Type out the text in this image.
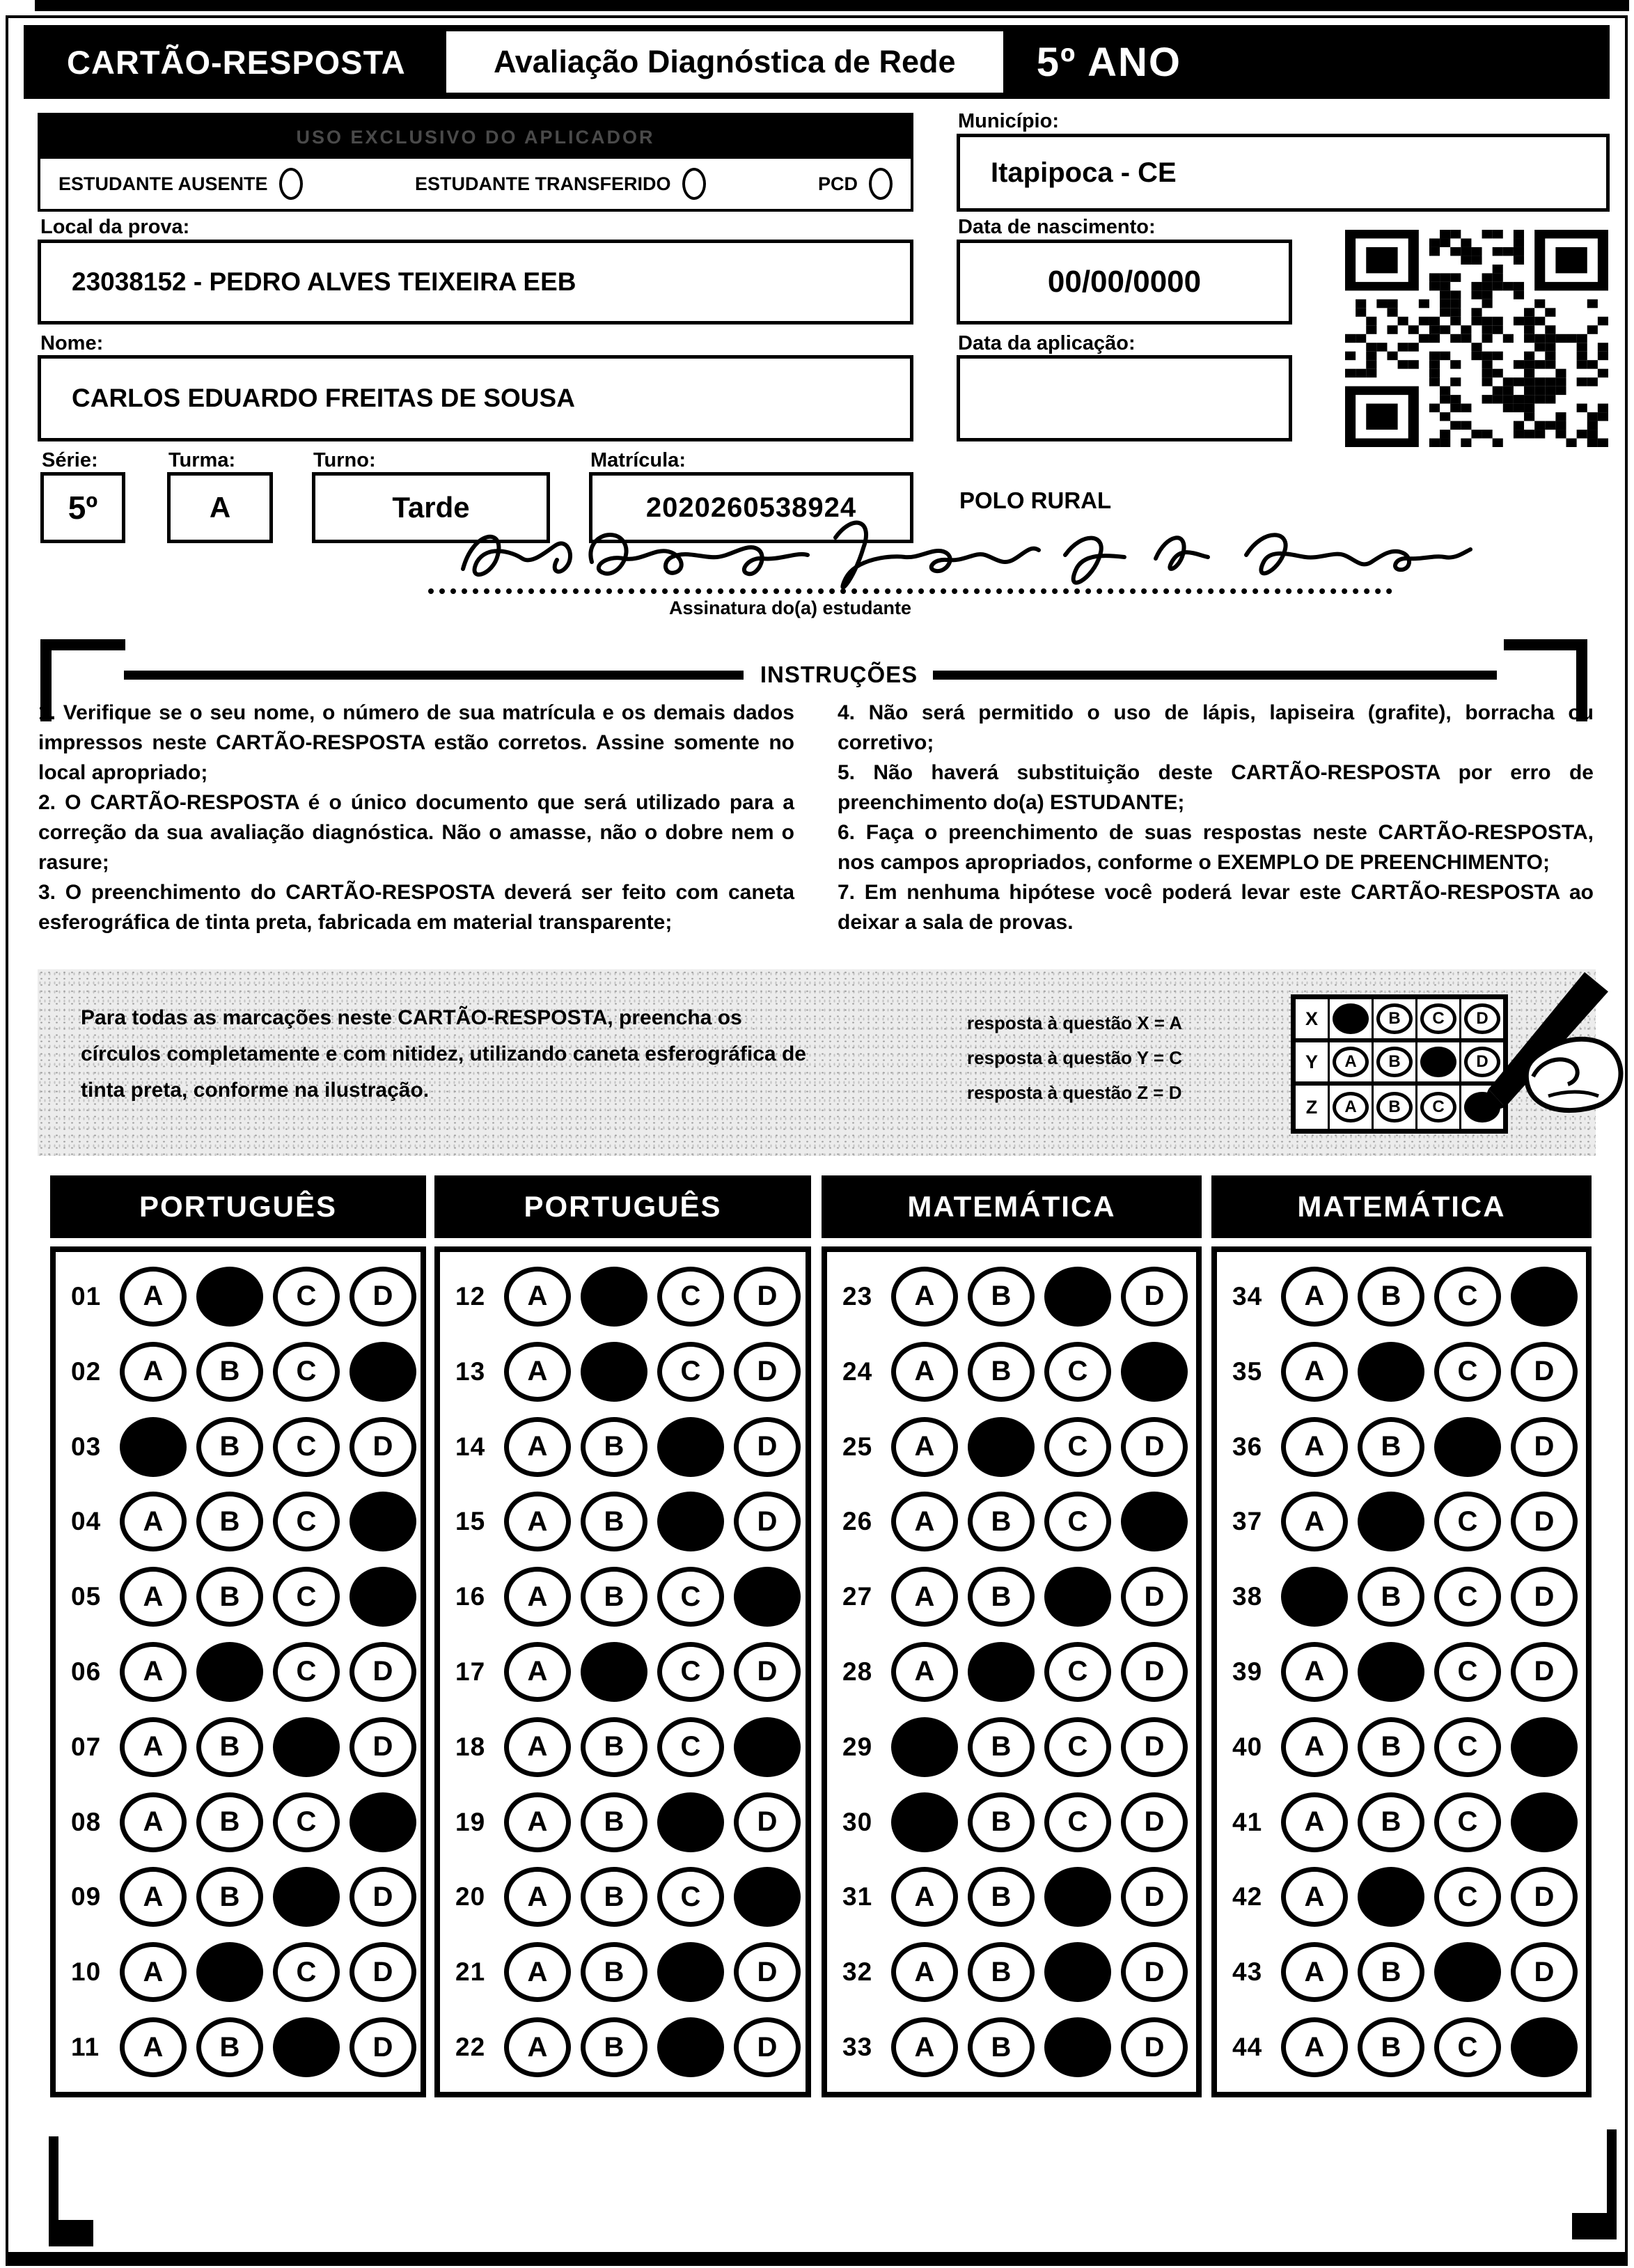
CARTÃO-RESPOSTA	Avaliação Diagnóstica de Rede	5º ANO
USO EXCLUSIVO DO APLICADOR
ESTUDANTE AUSENTE	ESTUDANTE TRANSFERIDO	PCD
Município:
Itapipoca - CE
Local da prova:
23038152 - PEDRO ALVES TEIXEIRA EEB
Data de nascimento:
00/00/0000
Nome:
CARLOS EDUARDO FREITAS DE SOUSA
Data da aplicação:
Série:
5º
Turma:
A
Turno:
Tarde
Matrícula:
2020260538924	POLO RURAL
Assinatura do(a) estudante
INSTRUÇÕES

1. Verifique se o seu nome, o número de sua matrícula e os demais dados impressos neste CARTÃO-RESPOSTA estão corretos. Assine somente no local apropriado;

2. O CARTÃO-RESPOSTA é o único documento que será utilizado para a correção da sua avaliação diagnóstica. Não o amasse, não o dobre nem o rasure;

3. O preenchimento do CARTÃO-RESPOSTA deverá ser feito com caneta esferográfica de tinta preta, fabricada em material transparente;

4. Não será permitido o uso de lápis, lapiseira (grafite), borracha ou corretivo;

5. Não haverá substituição deste CARTÃO-RESPOSTA por erro de preenchimento do(a) ESTUDANTE;

6. Faça o preenchimento de suas respostas neste CARTÃO-RESPOSTA, nos campos apropriados, conforme o EXEMPLO DE PREENCHIMENTO;

7. Em nenhuma hipótese você poderá levar este CARTÃO-RESPOSTA ao deixar a sala de provas.

Para todas as marcações neste CARTÃO-RESPOSTA, preencha os círculos completamente e com nitidez, utilizando caneta esferográfica de tinta preta, conforme na ilustração.
resposta à questão X = A
resposta à questão Y = C
resposta à questão Z = D
X	B	C	D
Y	A	B	D
Z	A	B	C
PORTUGUÊS
01	A	C	D
02	A	B	C
03	B	C	D
04	A	B	C
05	A	B	C
06	A	C	D
07	A	B	D
08	A	B	C
09	A	B	D
10	A	C	D
11	A	B	D
PORTUGUÊS
12	A	C	D
13	A	C	D
14	A	B	D
15	A	B	D
16	A	B	C
17	A	C	D
18	A	B	C
19	A	B	D
20	A	B	C
21	A	B	D
22	A	B	D
MATEMÁTICA
23	A	B	D
24	A	B	C
25	A	C	D
26	A	B	C
27	A	B	D
28	A	C	D
29	B	C	D
30	B	C	D
31	A	B	D
32	A	B	D
33	A	B	D
MATEMÁTICA
34	A	B	C
35	A	C	D
36	A	B	D
37	A	C	D
38	B	C	D
39	A	C	D
40	A	B	C
41	A	B	C
42	A	C	D
43	A	B	D
44	A	B	C
